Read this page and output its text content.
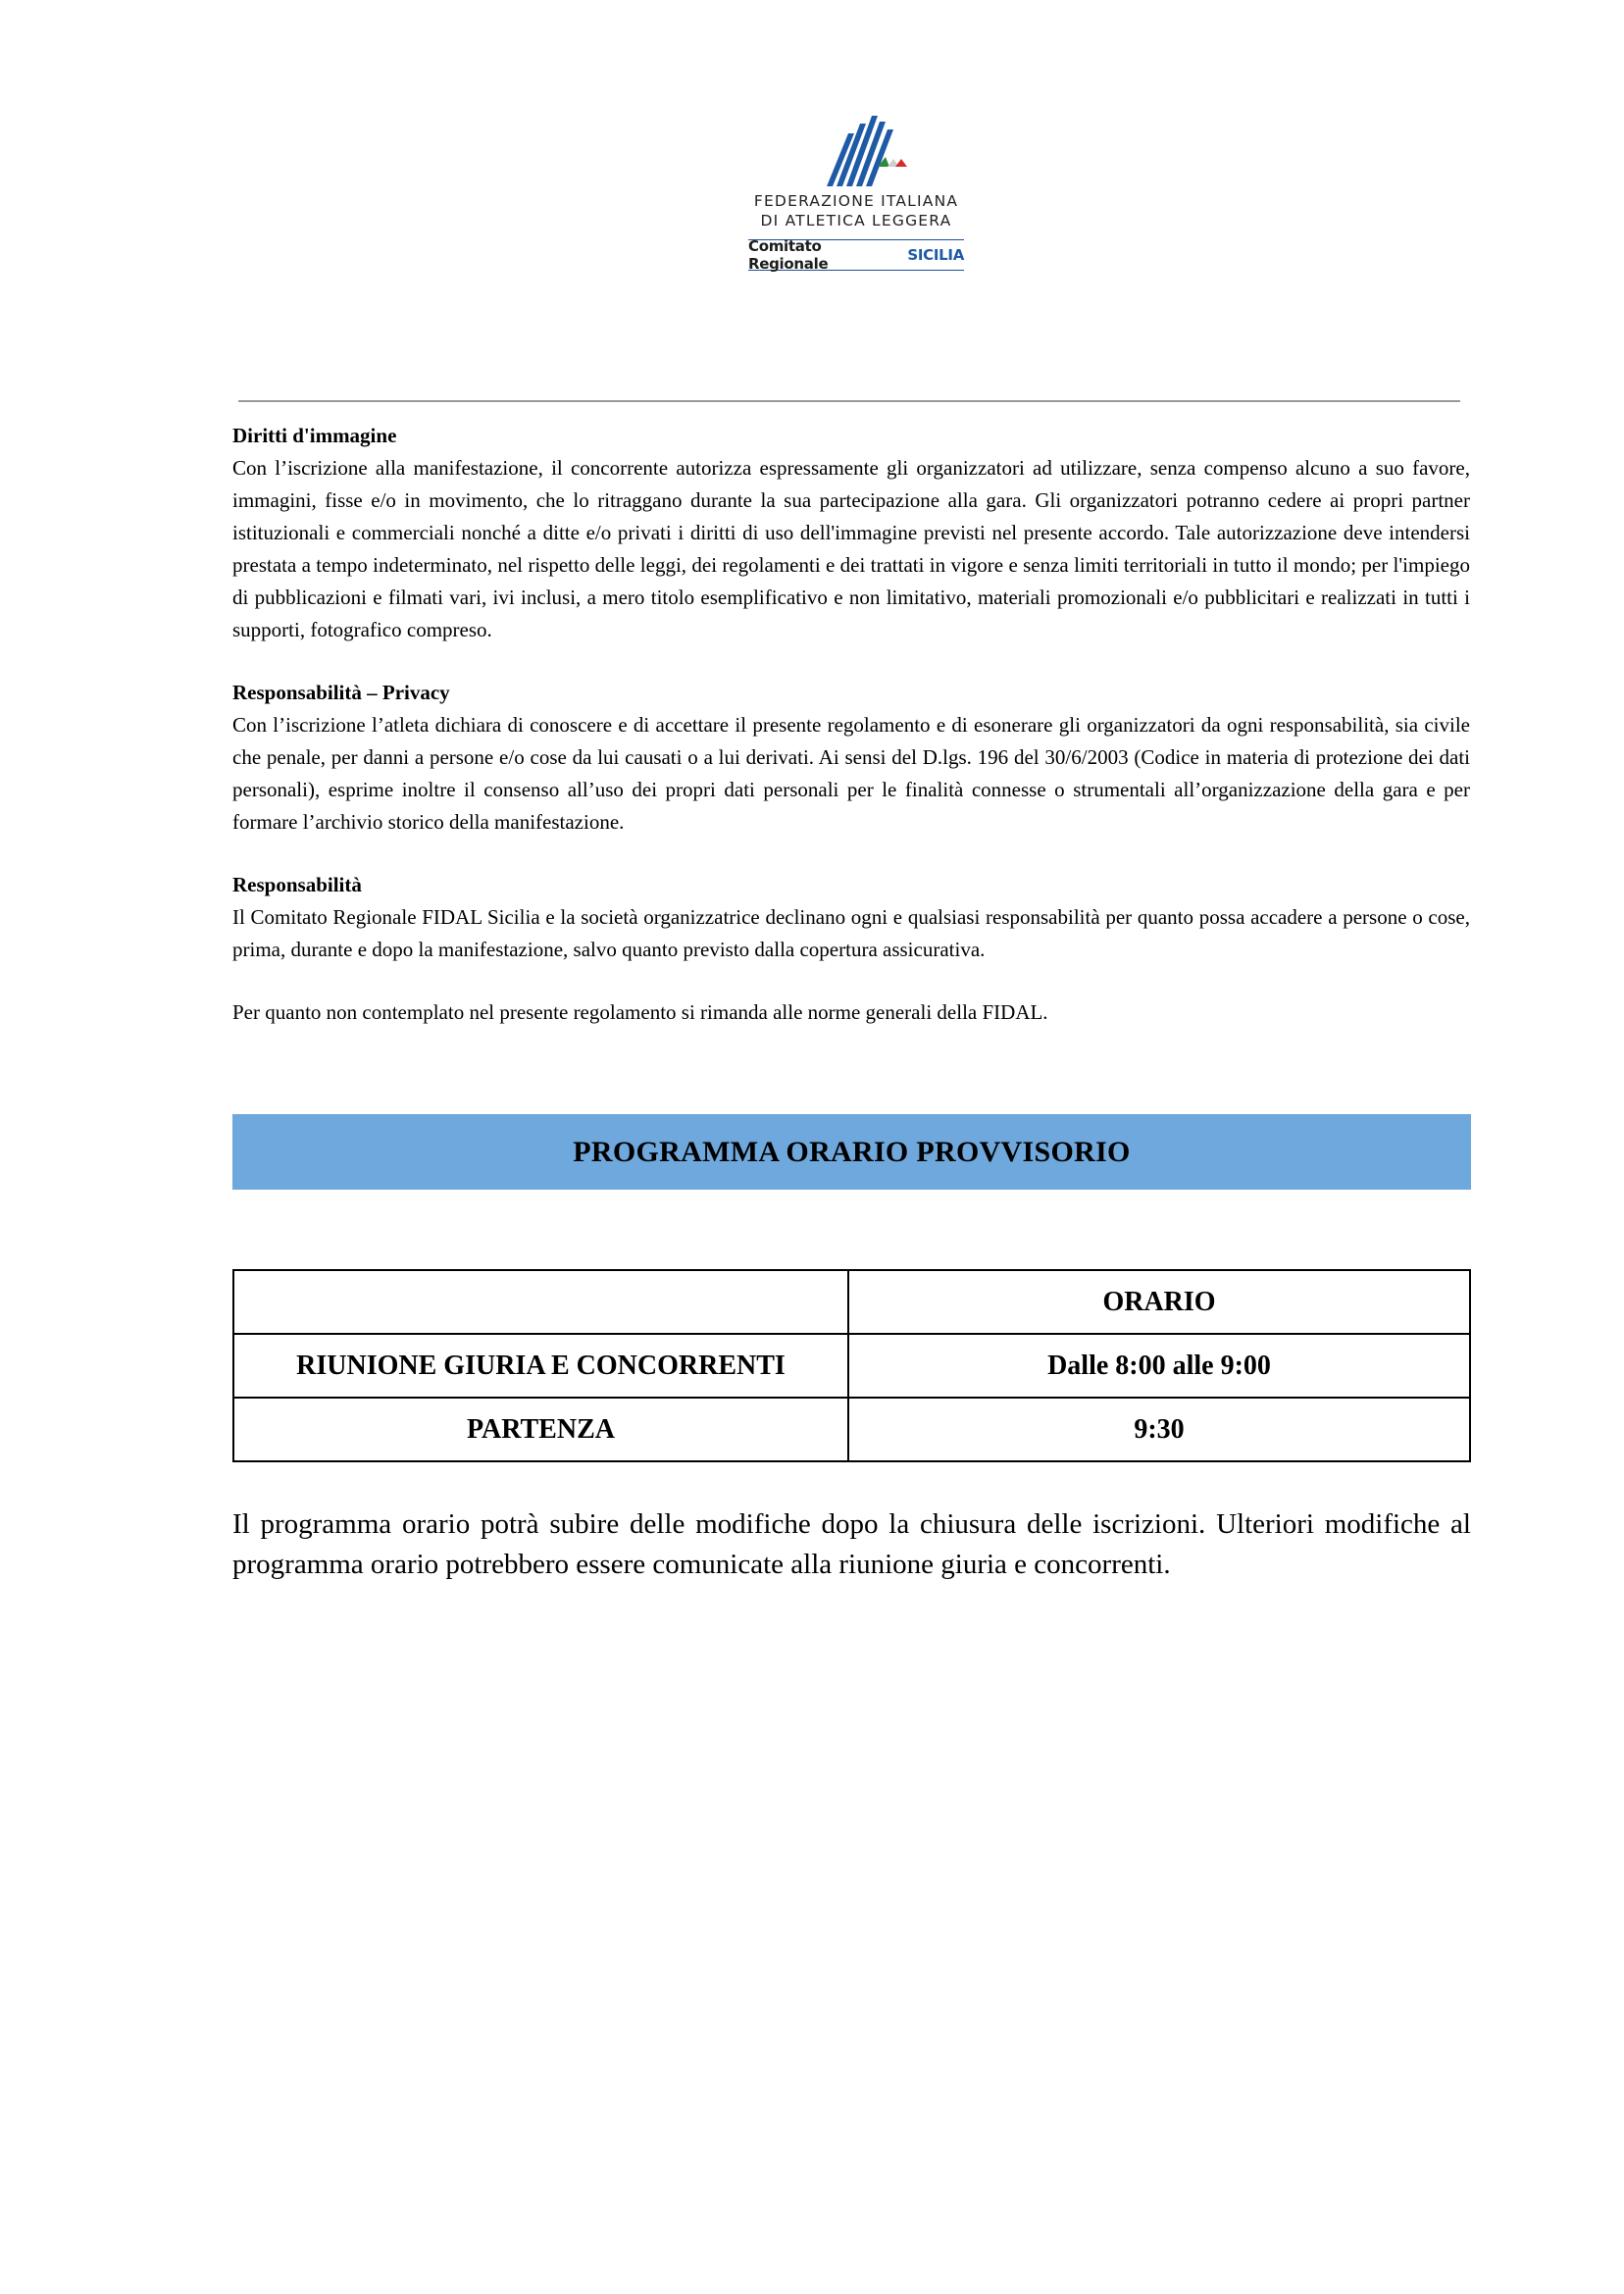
FEDERAZIONE ITALIANA
DI ATLETICA LEGGERA
Comitato Regionale	SICILIA
Diritti d'immagine

Con l’iscrizione alla manifestazione, il concorrente autorizza espressamente gli organizzatori ad utilizzare, senza compenso alcuno a suo favore, immagini, fisse e/o in movimento, che lo ritraggano durante la sua partecipazione alla gara. Gli organizzatori potranno cedere ai propri partner istituzionali e commerciali nonché a ditte e/o privati i diritti di uso dell'immagine previsti nel presente accordo. Tale autorizzazione deve intendersi prestata a tempo indeterminato, nel rispetto delle leggi, dei regolamenti e dei trattati in vigore e senza limiti territoriali in tutto il mondo; per l'impiego di pubblicazioni e filmati vari, ivi inclusi, a mero titolo esemplificativo e non limitativo, materiali promozionali e/o pubblicitari e realizzati in tutti i supporti, fotografico compreso.

Responsabilità – Privacy

Con l’iscrizione l’atleta dichiara di conoscere e di accettare il presente regolamento e di esonerare gli organizzatori da ogni responsabilità, sia civile che penale, per danni a persone e/o cose da lui causati o a lui derivati. Ai sensi del D.lgs. 196 del 30/6/2003 (Codice in materia di protezione dei dati personali), esprime inoltre il consenso all’uso dei propri dati personali per le finalità connesse o strumentali all’organizzazione della gara e per formare l’archivio storico della manifestazione.

Responsabilità

Il Comitato Regionale FIDAL Sicilia e la società organizzatrice declinano ogni e qualsiasi responsabilità per quanto possa accadere a persone o cose, prima, durante e dopo la manifestazione, salvo quanto previsto dalla copertura assicurativa.

Per quanto non contemplato nel presente regolamento si rimanda alle norme generali della FIDAL.

PROGRAMMA ORARIO PROVVISORIO
	ORARIO
RIUNIONE GIURIA E CONCORRENTI	Dalle 8:00 alle 9:00
PARTENZA	9:30

Il programma orario potrà subire delle modifiche dopo la chiusura delle iscrizioni. Ulteriori modifiche al programma orario potrebbero essere comunicate alla riunione giuria e concorrenti.
